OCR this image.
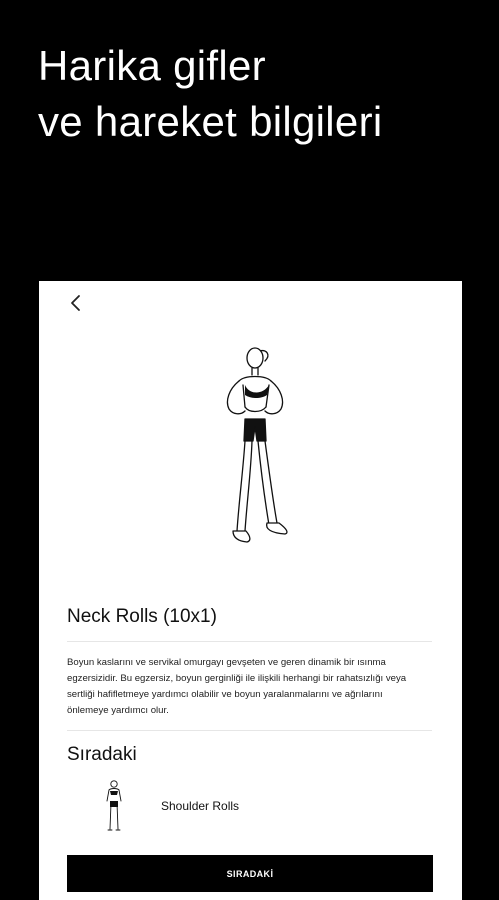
Harika gifler
ve hareket bilgileri
Neck Rolls (10x1)
Boyun kaslarını ve servikal omurgayı gevşeten ve geren dinamik bir ısınma egzersizidir. Bu egzersiz, boyun gerginliği ile ilişkili herhangi bir rahatsızlığı veya sertliği hafifletmeye yardımcı olabilir ve boyun yaralanmalarını ve ağrılarını önlemeye yardımcı olur.
Sıradaki
Shoulder Rolls
SIRADAKİ
